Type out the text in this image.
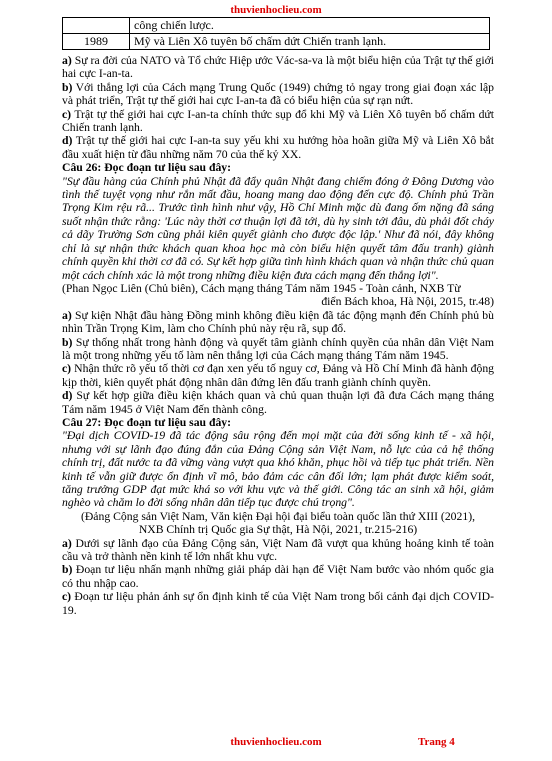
thuvienhoclieu.com
	công chiến lược.
1989	Mỹ và Liên Xô tuyên bố chấm dứt Chiến tranh lạnh.

a) Sự ra đời của NATO và Tổ chức Hiệp ước Vác-sa-va là một biểu hiện của Trật tự thế giới hai cực I-an-ta.

b) Với thắng lợi của Cách mạng Trung Quốc (1949) chứng tỏ ngay trong giai đoạn xác lập và phát triển, Trật tự thế giới hai cực I-an-ta đã có biểu hiện của sự rạn nứt.

c) Trật tự thế giới hai cực I-an-ta chính thức sụp đổ khi Mỹ và Liên Xô tuyên bố chấm dứt Chiến tranh lạnh.

d) Trật tự thế giới hai cực I-an-ta suy yếu khi xu hướng hòa hoãn giữa Mỹ và Liên Xô bắt đầu xuất hiện từ đầu những năm 70 của thế kỷ XX.

Câu 26: Đọc đoạn tư liệu sau đây:

"Sự đầu hàng của Chính phủ Nhật đã đẩy quân Nhật đang chiếm đóng ở Đông Dương vào tình thế tuyệt vọng như rắn mất đầu, hoang mang dao động đến cực độ. Chính phủ Trần Trọng Kim rệu rã... Trước tình hình như vậy, Hồ Chí Minh mặc dù đang ốm nặng đã sáng suốt nhận thức rằng: 'Lúc này thời cơ thuận lợi đã tới, dù hy sinh tới đâu, dù phải đốt cháy cả dãy Trường Sơn cũng phải kiên quyết giành cho được độc lập.' Như đã nói, đây không chỉ là sự nhận thức khách quan khoa học mà còn biểu hiện quyết tâm đấu tranh) giành chính quyền khi thời cơ đã có. Sự kết hợp giữa tình hình khách quan và nhận thức chủ quan một cách chính xác là một trong những điều kiện đưa cách mạng đến thắng lợi".

(Phan Ngọc Liên (Chủ biên), Cách mạng tháng Tám năm 1945 - Toàn cảnh, NXB Từ

điển Bách khoa, Hà Nội, 2015, tr.48)

a) Sự kiện Nhật đầu hàng Đồng minh không điều kiện đã tác động mạnh đến Chính phủ bù nhìn Trần Trọng Kim, làm cho Chính phủ này rệu rã, sụp đổ.

b) Sự thống nhất trong hành động và quyết tâm giành chính quyền của nhân dân Việt Nam là một trong những yếu tố làm nên thắng lợi của Cách mạng tháng Tám năm 1945.

c) Nhận thức rõ yếu tố thời cơ đạn xen yếu tố nguy cơ, Đảng và Hồ Chí Minh đã hành động kịp thời, kiên quyết phát động nhân dân đứng lên đấu tranh giành chính quyền.

d) Sự kết hợp giữa điều kiện khách quan và chủ quan thuận lợi đã đưa Cách mạng tháng Tám năm 1945 ở Việt Nam đến thành công.

Câu 27: Đọc đoạn tư liệu sau đây:

"Đại dịch COVID-19 đã tác động sâu rộng đến mọi mặt của đời sống kinh tế - xã hội, nhưng với sự lãnh đạo đúng đắn của Đảng Cộng sản Việt Nam, nỗ lực của cả hệ thống chính trị, đất nước ta đã vững vàng vượt qua khó khăn, phục hồi và tiếp tục phát triển. Nền kinh tế vẫn giữ được ổn định vĩ mô, bảo đảm các cân đối lớn; lạm phát được kiểm soát, tăng trưởng GDP đạt mức khá so với khu vực và thế giới. Công tác an sinh xã hội, giảm nghèo và chăm lo đời sống nhân dân tiếp tục được chú trọng".

(Đảng Cộng sản Việt Nam, Văn kiện Đại hội đại biểu toàn quốc lần thứ XIII (2021),
NXB Chính trị Quốc gia Sự thật, Hà Nội, 2021, tr.215-216)

a) Dưới sự lãnh đạo của Đảng Cộng sản, Việt Nam đã vượt qua khủng hoảng kinh tế toàn cầu và trở thành nền kinh tế lớn nhất khu vực.

b) Đoạn tư liệu nhấn mạnh những giải pháp dài hạn để Việt Nam bước vào nhóm quốc gia có thu nhập cao.

c) Đoạn tư liệu phản ánh sự ổn định kinh tế của Việt Nam trong bối cảnh đại dịch COVID-19.

thuvienhoclieu.com	Trang 4
